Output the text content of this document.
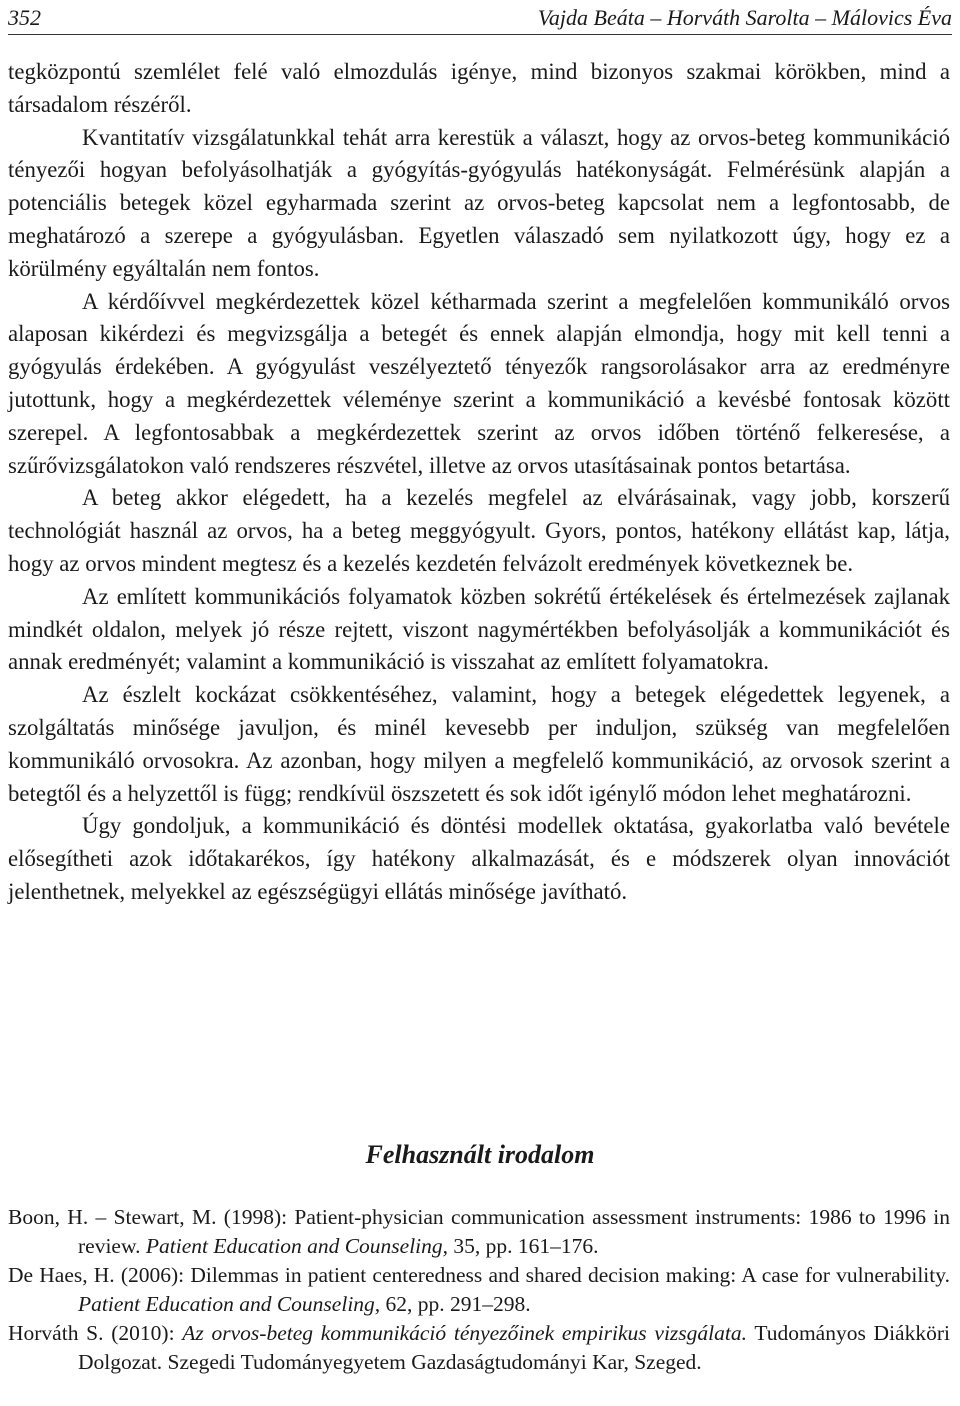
352	Vajda Beáta – Horváth Sarolta – Málovics Éva

tegközpontú szemlélet felé való elmozdulás igénye, mind bizonyos szakmai körökben, mind a társadalom részéről.

Kvantitatív vizsgálatunkkal tehát arra kerestük a választ, hogy az orvos-beteg kommunikáció tényezői hogyan befolyásolhatják a gyógyítás-gyógyulás hatékonyságát. Felmérésünk alapján a potenciális betegek közel egyharmada szerint az orvos-​beteg kapcsolat nem a legfontosabb, de meghatározó a szerepe a gyógyulásban. Egyetlen válaszadó sem nyilatkozott úgy, hogy ez a körülmény egyáltalán nem fontos.

A kérdőívvel megkérdezettek közel kétharmada szerint a megfelelően kommunikáló orvos alaposan kikérdezi és megvizsgálja a betegét és ennek alapján elmondja, hogy mit kell tenni a gyógyulás érdekében. A gyógyulást veszélyeztető tényezők rangsorolásakor arra az eredményre jutottunk, hogy a megkérdezettek véleménye szerint a kommunikáció a kevésbé fontosak között szerepel. A legfontosabbak a megkérdezettek szerint az orvos időben történő felkeresése, a szűrővizsgálatokon való rendszeres részvétel, illetve az orvos utasításainak pontos betartása.

A beteg akkor elégedett, ha a kezelés megfelel az elvárásainak, vagy jobb, korszerű technológiát használ az orvos, ha a beteg meggyógyult. Gyors, pontos, hatékony ellátást kap, látja, hogy az orvos mindent megtesz és a kezelés kezdetén felvázolt eredmények következnek be.

Az említett kommunikációs folyamatok közben sokrétű értékelések és értelmezések zajlanak mindkét oldalon, melyek jó része rejtett, viszont nagymértékben befolyásolják a kommunikációt és annak eredményét; valamint a kommunikáció is visszahat az említett folyamatokra.

Az észlelt kockázat csökkentéséhez, valamint, hogy a betegek elégedettek legyenek, a szolgáltatás minősége javuljon, és minél kevesebb per induljon, szükség van megfelelően kommunikáló orvosokra. Az azonban, hogy milyen a megfelelő kommunikáció, az orvosok szerint a betegtől és a helyzettől is függ; rendkívül öszszetett és sok időt igénylő módon lehet meghatározni.

Úgy gondoljuk, a kommunikáció és döntési modellek oktatása, gyakorlatba való bevétele elősegítheti azok időtakarékos, így hatékony alkalmazását, és e módszerek olyan innovációt jelenthetnek, melyekkel az egészségügyi ellátás minősége javítható.

Felhasznált irodalom

Boon, H. – Stewart, M. (1998): Patient-physician communication assessment instruments: 1986 to 1996 in review. Patient Education and Counseling, 35, pp. 161–176.

De Haes, H. (2006): Dilemmas in patient centeredness and shared decision making: A case for vulnerability. Patient Education and Counseling, 62, pp. 291–298.

Horváth S. (2010): Az orvos-beteg kommunikáció tényezőinek empirikus vizsgálata. Tudományos Diákköri Dolgozat. Szegedi Tudományegyetem Gazdaságtudományi Kar, Szeged.
